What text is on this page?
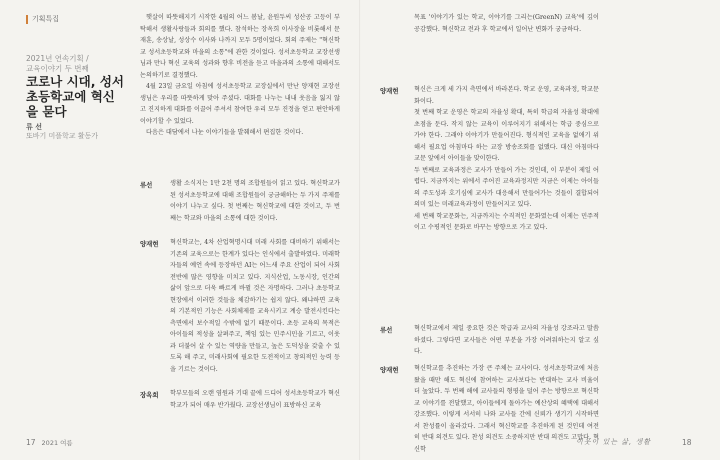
기획특집
2021년 연속기획 /
교육이야기 두 번째
코로나 시대, 성서초등학교에 혁신을 묻다
류 선
또바기 미플학교 활동가

햇살이 따뜻해지기 시작한 4월의 어느 봄날, 윤원두씨 성산공 고등이 부탁해서 생활사랑들과 회의를 했다. 참석하는 장옥희 이사장을 비롯해서 문재훈, 송상날, 성상수 이사와 나까지 모두 5명이었다. 회의 주제는 "혁신학교 성서초등학교와 마을의 소통"에 관한 것이었다. 성서초등학교 교장선생님과 만나 혁신 교육의 성과와 향후 비전을 듣고 마을과의 소통에 대해서도 논의하기로 결정했다.

4월 23일 금요일 아침에 성서초등학교 교장실에서 만난 양재현 교장선생님은 우리를 따뜻하게 맞아 주셨다. 대화를 나누는 내내 웃음을 잃지 않고 진지하게 대화를 이끌어 주셔서 참여한 우리 모두 진정을 얻고 편안하게 이야기할 수 있었다.

다음은 대담에서 나눈 이야기들을 발췌해서 편집한 것이다.

류선	생활 소식지는 1만 2천 명의 조합원들이 읽고 있다. 혁신학교가 된 성서초등학교에 대해 조합원들이 궁금해하는 두 가지 주제를 이야기 나누고 싶다. 첫 번째는 혁신학교에 대한 것이고, 두 번째는 학교와 마을의 소통에 대한 것이다.

양재현 혁신학교는, 4차 산업혁명시대 미래 사회를 대비하기 위해서는 기존의 교육으로는 한계가 있다는 인식에서 출발하였다. 미래학자들의 예언 속에 등장하던 AI는 어느새 주요 산업이 되어 사회 전반에 많은 영향을 미치고 있다. 지식산업, 노동시장, 인간의 삶이 앞으로 더욱 빠르게 바뀔 것은 자명하다. 그러나 초등학교 현장에서 이러한 것들을 체감하기는 쉽지 않다. 왜냐하면 교육의 기본적인 기능은 사회체제를 교육시키고 계승 발전시킨다는 측면에서 보수적일 수밖에 없기 때문이다. 초등 교육의 목적은 아이들의 적성을 살펴주고, 책임 있는 민주시민을 기르고, 이웃과 더불어 살 수 있는 역량을 만들고, 높은 도덕성을 갖출 수 있도록 해 주고, 미래사회에 필요한 도전적이고 창의적인 능력 등을 기르는 것이다.

장옥희 학부모들의 오랜 염원과 기대 끝에 드디어 성서초등학교가 혁신학교가 되어 매우 반가웠다. 교장선생님이 표방하신 교육

목표 '이야기가 있는 학교, 이야기를 그리는(GreenN) 교육'에 깊이 공감했다. 혁신학교 전과 후 학교에서 일어난 변화가 궁금하다.

양재현 혁신은 크게 세 가지 측면에서 바라본다. 학교 운영, 교육과정, 학교문화이다.

첫 번째 학교 운영은 학교의 자율성 확대, 특히 학급의 자율성 확대에 초점을 둔다. 작지 않는 교육이 이루어지기 위해서는 학급 중심으로 가야 한다. 그래야 이야기가 만들어진다. 형식적인 교육을 없애기 위해서 필요업 아침마다 하는 교장 방송조회를 없앴다. 대신 아침마다 교문 앞에서 아이들을 맞이한다.

두 번째로 교육과정은 교사가 만들어 가는 것인데, 이 부분이 제일 어렵다. 지금까지는 위에서 주어진 교육과정지만 지금은 이제는 아이들의 주도성과 호기심에 교사가 대응해서 만들어가는 것들이 결합되어 의미 있는 미래교육과정이 만들어지고 있다.

세 번째 학교문화는, 지금까지는 수직적인 문화였는데 이제는 민주적이고 수평적인 문화로 바꾸는 방향으로 가고 있다.

류선	혁신학교에서 제일 중요한 것은 학급과 교사의 자율성 강조라고 말씀하셨다. 그렇다면 교사들은 어떤 부분을 가장 어려워하는지 알고 싶다.

양재현 혁신학교를 추진하는 가장 큰 주체는 교사이다. 성서초등학교에 처음 왔을 때만 해도 혁신에 참여하는 교사보다는 반대하는 교사 비율이 더 높았다. 두 번째 해에 교사들의 형평을 덜어 주는 방향으로 혁신학교 이야기를 전달했고, 아이들에게 돌아가는 예산상의 혜택에 대해서 강조했다. 이렇게 서서히 나와 교사들 간에 신뢰가 생기기 시작하면서 찬성률이 올라갔다. 그래서 혁신학교를 추진하게 된 것인데 여전히 반대 의견도 있다. 찬성 의견도 소중하지만 반대 의견도 고맙다. 혁신학

17 2021 여름	이웃이 있는 삶, 생활	18
